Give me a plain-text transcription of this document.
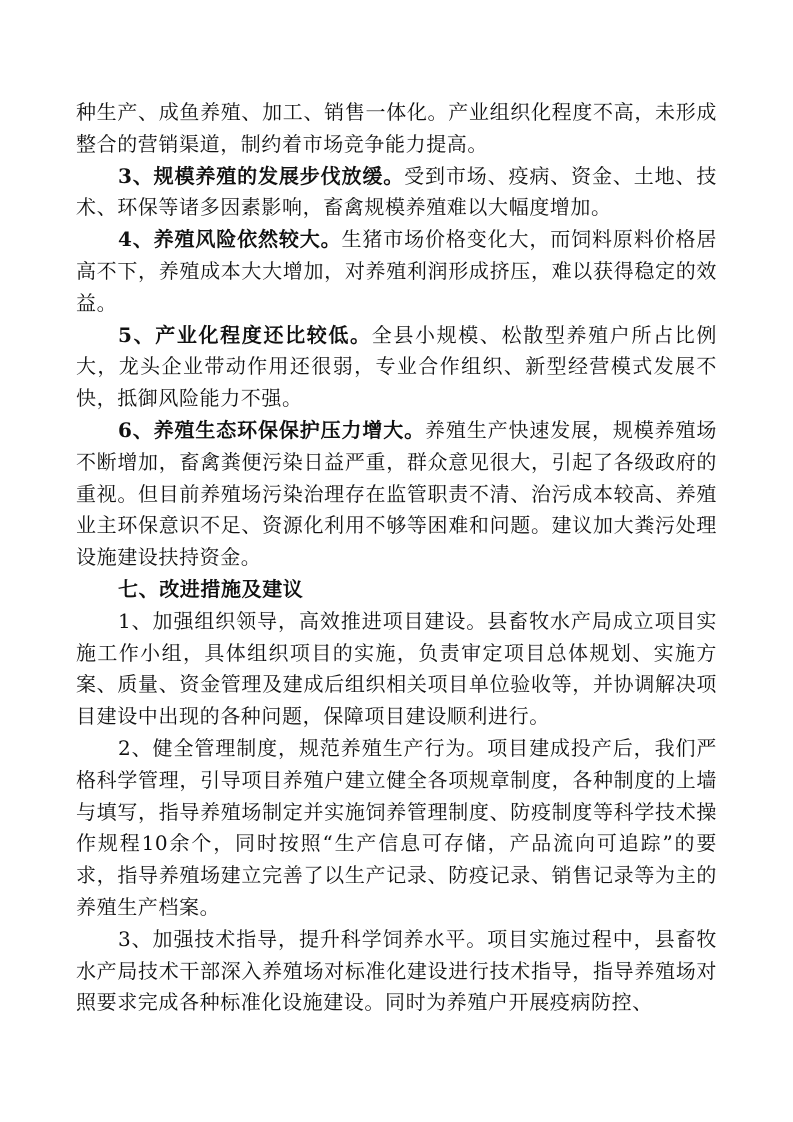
种生产、成鱼养殖、加工、销售一体化。产业组织化程度不高，未形成整合的营销渠道，制约着市场竞争能力提高。

3、规模养殖的发展步伐放缓。受到市场、疫病、资金、土地、技术、环保等诸多因素影响，畜禽规模养殖难以大幅度增加。

4、养殖风险依然较大。生猪市场价格变化大，而饲料原料价格居高不下，养殖成本大大增加，对养殖利润形成挤压，难以获得稳定的效益。

5、产业化程度还比较低。全县小规模、松散型养殖户所占比例大，龙头企业带动作用还很弱，专业合作组织、新型经营模式发展不快，抵御风险能力不强。

6、养殖生态环保保护压力增大。养殖生产快速发展，规模养殖场不断增加，畜禽粪便污染日益严重，群众意见很大，引起了各级政府的重视。但目前养殖场污染治理存在监管职责不清、治污成本较高、养殖业主环保意识不足、资源化利用不够等困难和问题。建议加大粪污处理设施建设扶持资金。

七、改进措施及建议

1、加强组织领导，高效推进项目建设。县畜牧水产局成立项目实施工作小组，具体组织项目的实施，负责审定项目总体规划、实施方案、质量、资金管理及建成后组织相关项目单位验收等，并协调解决项目建设中出现的各种问题，保障项目建设顺利进行。

2、健全管理制度，规范养殖生产行为。项目建成投产后，我们严格科学管理，引导项目养殖户建立健全各项规章制度，各种制度的上墙与填写，指导养殖场制定并实施饲养管理制度、防疫制度等科学技术操作规程10余个，同时按照“生产信息可存储，产品流向可追踪”的要求，指导养殖场建立完善了以生产记录、防疫记录、销售记录等为主的养殖生产档案。

3、加强技术指导，提升科学饲养水平。项目实施过程中，县畜牧水产局技术干部深入养殖场对标准化建设进行技术指导，指导养殖场对照要求完成各种标准化设施建设。同时为养殖户开展疫病防控、
